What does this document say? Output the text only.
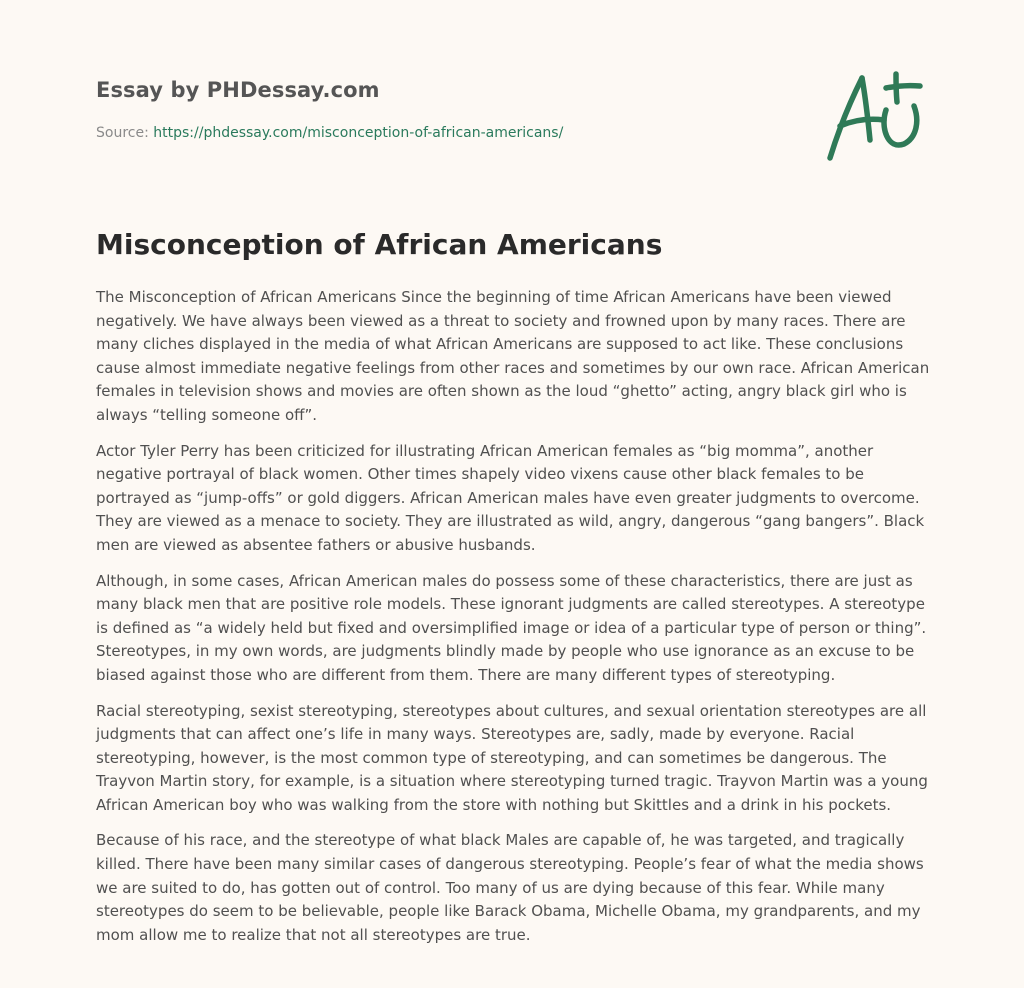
Essay by PHDessay.com
Source: https://phdessay.com/misconception-of-african-americans/
Misconception of African Americans

The Misconception of African Americans Since the beginning of time African Americans have been viewed negatively. We have always been viewed as a threat to society and frowned upon by many races. There are many cliches displayed in the media of what African Americans are supposed to act like. These conclusions cause almost immediate negative feelings from other races and sometimes by our own race. African American females in television shows and movies are often shown as the loud “ghetto” acting, angry black girl who is always “telling someone off”.

Actor Tyler Perry has been criticized for illustrating African American females as “big momma”, another negative portrayal of black women. Other times shapely video vixens cause other black females to be portrayed as “jump-offs” or gold diggers. African American males have even greater judgments to overcome. They are viewed as a menace to society. They are illustrated as wild, angry, dangerous “gang bangers”. Black men are viewed as absentee fathers or abusive husbands.

Although, in some cases, African American males do possess some of these characteristics, there are just as many black men that are positive role models. These ignorant judgments are called stereotypes. A stereotype is defined as “a widely held but fixed and oversimplified image or idea of a particular type of person or thing”. Stereotypes, in my own words, are judgments blindly made by people who use ignorance as an excuse to be biased against those who are different from them. There are many different types of stereotyping.

Racial stereotyping, sexist stereotyping, stereotypes about cultures, and sexual orientation stereotypes are all judgments that can affect one’s life in many ways. Stereotypes are, sadly, made by everyone. Racial stereotyping, however, is the most common type of stereotyping, and can sometimes be dangerous. The Trayvon Martin story, for example, is a situation where stereotyping turned tragic. Trayvon Martin was a young African American boy who was walking from the store with nothing but Skittles and a drink in his pockets.

Because of his race, and the stereotype of what black Males are capable of, he was targeted, and tragically killed. There have been many similar cases of dangerous stereotyping. People’s fear of what the media shows we are suited to do, has gotten out of control. Too many of us are dying because of this fear. While many stereotypes do seem to be believable, people like Barack Obama, Michelle Obama, my grandparents, and my mom allow me to realize that not all stereotypes are true.
